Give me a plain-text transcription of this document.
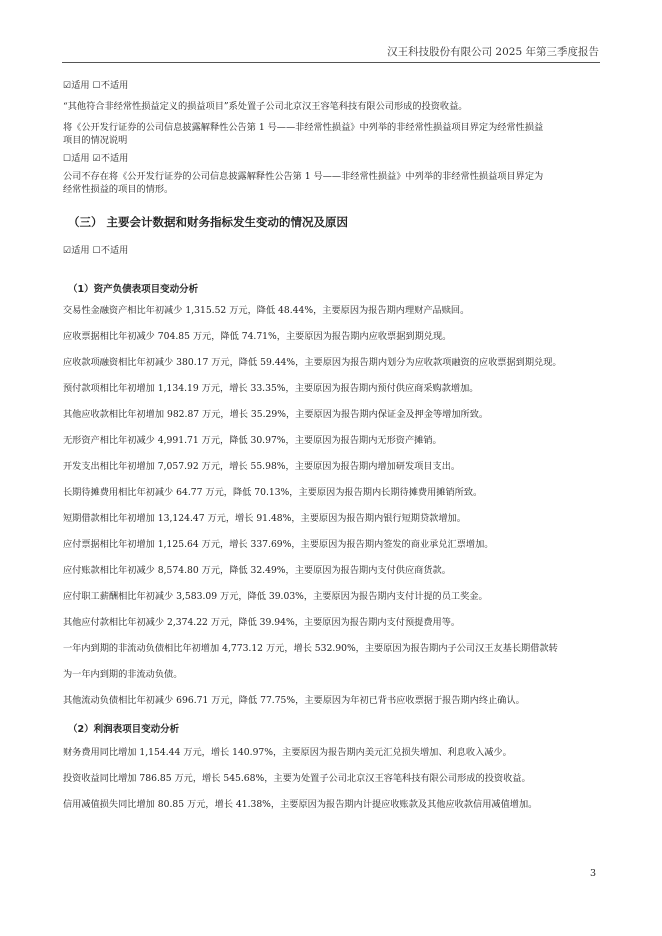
汉王科技股份有限公司 2025 年第三季度报告
☑适用 ☐不适用
“其他符合非经常性损益定义的损益项目”系处置子公司北京汉王容笔科技有限公司形成的投资收益。
将《公开发行证券的公司信息披露解释性公告第 1 号——非经常性损益》中列举的非经常性损益项目界定为经常性损益
项目的情况说明
☐适用 ☑不适用
公司不存在将《公开发行证券的公司信息披露解释性公告第 1 号——非经常性损益》中列举的非经常性损益项目界定为
经常性损益的项目的情形。
（三） 主要会计数据和财务指标发生变动的情况及原因
☑适用 ☐不适用
（1）资产负债表项目变动分析
交易性金融资产相比年初减少 1,315.52 万元，降低 48.44%，主要原因为报告期内理财产品赎回。
应收票据相比年初减少 704.85 万元，降低 74.71%，主要原因为报告期内应收票据到期兑现。
应收款项融资相比年初减少 380.17 万元，降低 59.44%，主要原因为报告期内划分为应收款项融资的应收票据到期兑现。
预付款项相比年初增加 1,134.19 万元，增长 33.35%，主要原因为报告期内预付供应商采购款增加。
其他应收款相比年初增加 982.87 万元，增长 35.29%，主要原因为报告期内保证金及押金等增加所致。
无形资产相比年初减少 4,991.71 万元，降低 30.97%，主要原因为报告期内无形资产摊销。
开发支出相比年初增加 7,057.92 万元，增长 55.98%，主要原因为报告期内增加研发项目支出。
长期待摊费用相比年初减少 64.77 万元，降低 70.13%，主要原因为报告期内长期待摊费用摊销所致。
短期借款相比年初增加 13,124.47 万元，增长 91.48%，主要原因为报告期内银行短期贷款增加。
应付票据相比年初增加 1,125.64 万元，增长 337.69%，主要原因为报告期内签发的商业承兑汇票增加。
应付账款相比年初减少 8,574.80 万元，降低 32.49%，主要原因为报告期内支付供应商货款。
应付职工薪酬相比年初减少 3,583.09 万元，降低 39.03%，主要原因为报告期内支付计提的员工奖金。
其他应付款相比年初减少 2,374.22 万元，降低 39.94%，主要原因为报告期内支付预提费用等。
一年内到期的非流动负债相比年初增加 4,773.12 万元，增长 532.90%，主要原因为报告期内子公司汉王友基长期借款转
为一年内到期的非流动负债。
其他流动负债相比年初减少 696.71 万元，降低 77.75%，主要原因为年初已背书应收票据于报告期内终止确认。
（2）利润表项目变动分析
财务费用同比增加 1,154.44 万元，增长 140.97%，主要原因为报告期内美元汇兑损失增加、利息收入减少。
投资收益同比增加 786.85 万元，增长 545.68%，主要为处置子公司北京汉王容笔科技有限公司形成的投资收益。
信用减值损失同比增加 80.85 万元，增长 41.38%，主要原因为报告期内计提应收账款及其他应收款信用减值增加。
3
